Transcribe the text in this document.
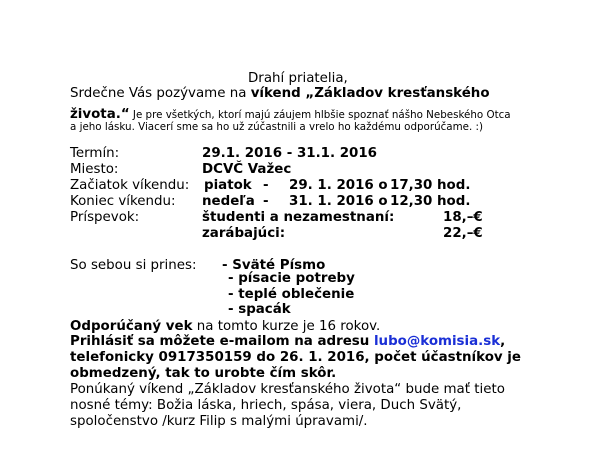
Drahí priatelia,
Srdečne Vás pozývame na víkend „Základov kresťanského
života.“ Je pre všetkých, ktorí majú záujem hlbšie spoznať nášho Nebeského Otca
a jeho lásku. Viacerí sme sa ho už zúčastnili a vrelo ho každému odporúčame. :)
Termín:	29.1. 2016 - 31.1. 2016
Miesto:	DCVČ Važec
Začiatok víkendu: piatok - 29. 1. 2016 o 17,30 hod.
Koniec víkendu: nedeľa - 31. 1. 2016 o 12,30 hod.
Príspevok:	študenti a nezamestnaní:	18,–€
zarábajúci:	22,–€
So sebou si prines: - Sväté Písmo
- písacie potreby
- teplé oblečenie
- spacák
Odporúčaný vek na tomto kurze je 16 rokov.
Prihlásiť sa môžete e-mailom na adresu lubo@komisia.sk,
telefonicky 0917350159 do 26. 1. 2016, počet účastníkov je
obmedzený, tak to urobte čím skôr.
Ponúkaný víkend „Základov kresťanského života“ bude mať tieto
nosné témy: Božia láska, hriech, spása, viera, Duch Svätý,
spoločenstvo /kurz Filip s malými úpravami/.
